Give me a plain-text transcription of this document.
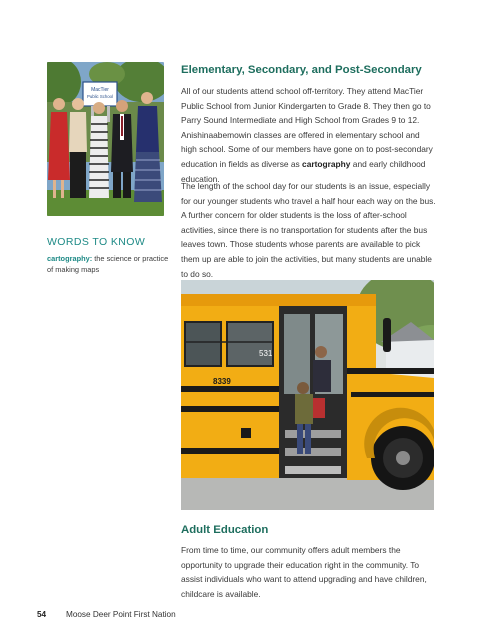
MacTier
Public School
WORDS TO KNOW
cartography: the science or practice of making maps
Elementary, Secondary, and Post-Secondary
All of our students attend school off-territory. They attend MacTier Public School from Junior Kindergarten to Grade 8. They then go to Parry Sound Intermediate and High School from Grades 9 to 12. Anishinaabemowin classes are offered in elementary school and high school. Some of our members have gone on to post-secondary education in fields as diverse as cartography and early childhood education.
The length of the school day for our students is an issue, especially for our younger students who travel a half hour each way on the bus. A further concern for older students is the loss of after-school activities, since there is no transportation for students after the bus leaves town. Those students whose parents are available to pick them up are able to join the activities, but many students are unable to do so.
8339
531
Adult Education
From time to time, our community offers adult members the opportunity to upgrade their education right in the community. To assist individuals who want to attend upgrading and have children, childcare is available.
54 Moose Deer Point First Nation
